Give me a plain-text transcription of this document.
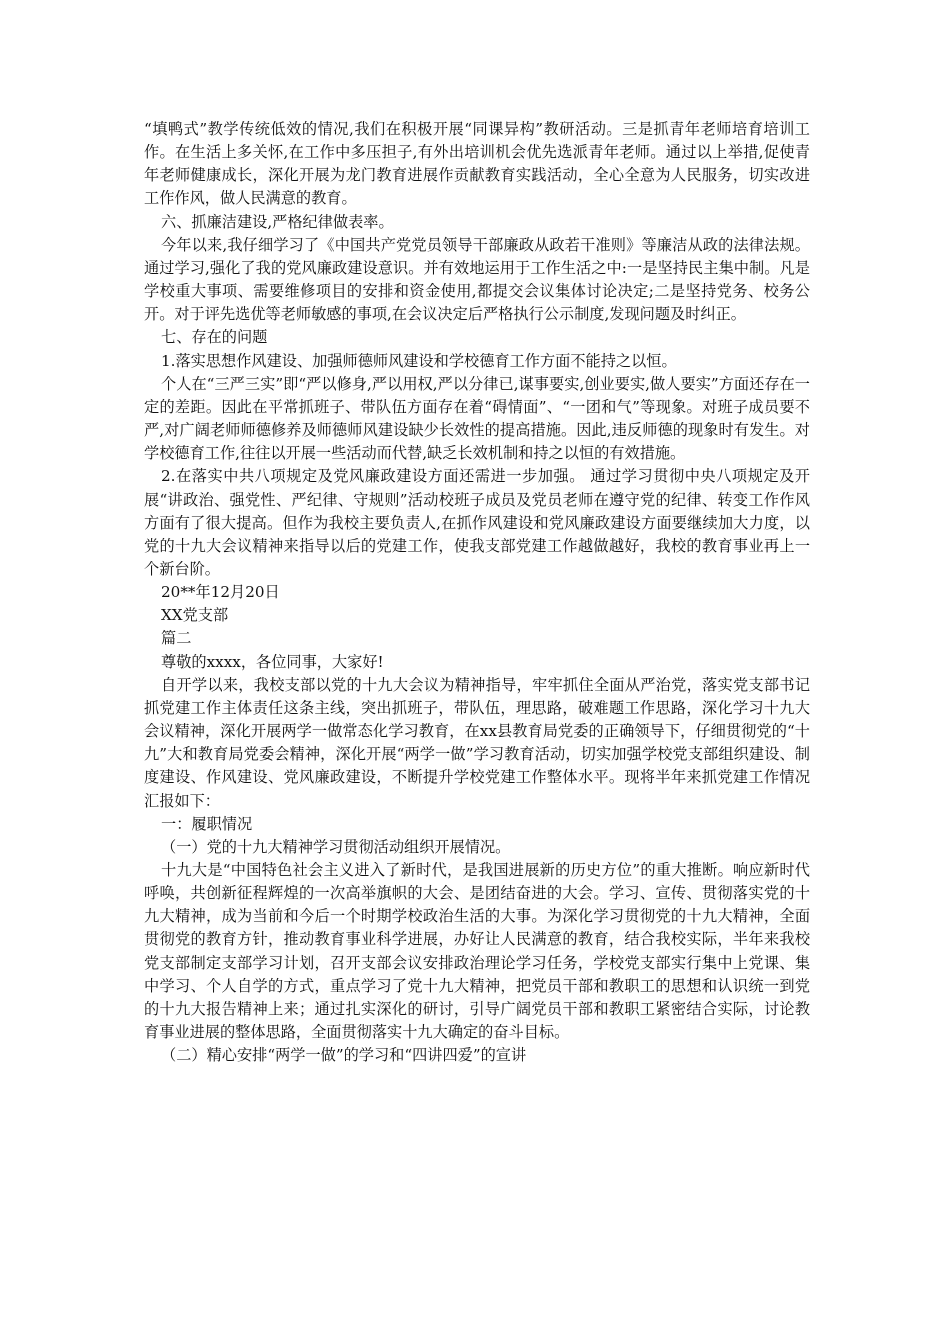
“填鸭式”教学传统低效的情况,我们在积极开展“同课异构”教研活动。三是抓青年老师培育培训工作。在生活上多关怀,在工作中多压担子,有外出培训机会优先选派青年老师。通过以上举措,促使青年老师健康成长，深化开展为龙门教育进展作贡献教育实践活动，全心全意为人民服务，切实改进工作作风，做人民满意的教育。

六、抓廉洁建设,严格纪律做表率。

今年以来,我仔细学习了《中国共产党党员领导干部廉政从政若干准则》等廉洁从政的法律法规。通过学习,强化了我的党风廉政建设意识。并有效地运用于工作生活之中:一是坚持民主集中制。凡是学校重大事项、需要维修项目的安排和资金使用,都提交会议集体讨论决定;二是坚持党务、校务公开。对于评先选优等老师敏感的事项,在会议决定后严格执行公示制度,发现问题及时纠正。

七、存在的问题

1.落实思想作风建设、加强师德师风建设和学校德育工作方面不能持之以恒。

个人在“三严三实”即“严以修身,严以用权,严以分律已,谋事要实,创业要实,做人要实”方面还存在一定的差距。因此在平常抓班子、带队伍方面存在着“碍情面”、“一团和气”等现象。对班子成员要不严,对广阔老师师德修养及师德师风建设缺少长效性的提高措施。因此,违反师德的现象时有发生。对学校德育工作,往往以开展一些活动而代替,缺乏长效机制和持之以恒的有效措施。

2.在落实中共八项规定及党风廉政建设方面还需进一步加强。 通过学习贯彻中央八项规定及开展“讲政治、强党性、严纪律、守规则”活动校班子成员及党员老师在遵守党的纪律、转变工作作风方面有了很大提高。但作为我校主要负责人,在抓作风建设和党风廉政建设方面要继续加大力度，以党的十九大会议精神来指导以后的党建工作，使我支部党建工作越做越好，我校的教育事业再上一个新台阶。

20**年12月20日

XX党支部

篇二

尊敬的xxxx，各位同事，大家好!

自开学以来，我校支部以党的十九大会议为精神指导，牢牢抓住全面从严治党，落实党支部书记抓党建工作主体责任这条主线，突出抓班子，带队伍，理思路，破难题工作思路，深化学习十九大会议精神，深化开展两学一做常态化学习教育，在xx县教育局党委的正确领导下，仔细贯彻党的“十九”大和教育局党委会精神，深化开展“两学一做”学习教育活动，切实加强学校党支部组织建设、制度建设、作风建设、党风廉政建设，不断提升学校党建工作整体水平。现将半年来抓党建工作情况汇报如下：

一：履职情况

（一）党的十九大精神学习贯彻活动组织开展情况。

十九大是“中国特色社会主义进入了新时代，是我国进展新的历史方位”的重大推断。响应新时代呼唤，共创新征程辉煌的一次高举旗帜的大会、是团结奋进的大会。学习、宣传、贯彻落实党的十九大精神，成为当前和今后一个时期学校政治生活的大事。为深化学习贯彻党的十九大精神，全面贯彻党的教育方针，推动教育事业科学进展，办好让人民满意的教育，结合我校实际，半年来我校党支部制定支部学习计划，召开支部会议安排政治理论学习任务，学校党支部实行集中上党课、集中学习、个人自学的方式，重点学习了党十九大精神，把党员干部和教职工的思想和认识统一到党的十九大报告精神上来；通过扎实深化的研讨，引导广阔党员干部和教职工紧密结合实际，讨论教育事业进展的整体思路，全面贯彻落实十九大确定的奋斗目标。

（二）精心安排“两学一做”的学习和“四讲四爱”的宣讲
